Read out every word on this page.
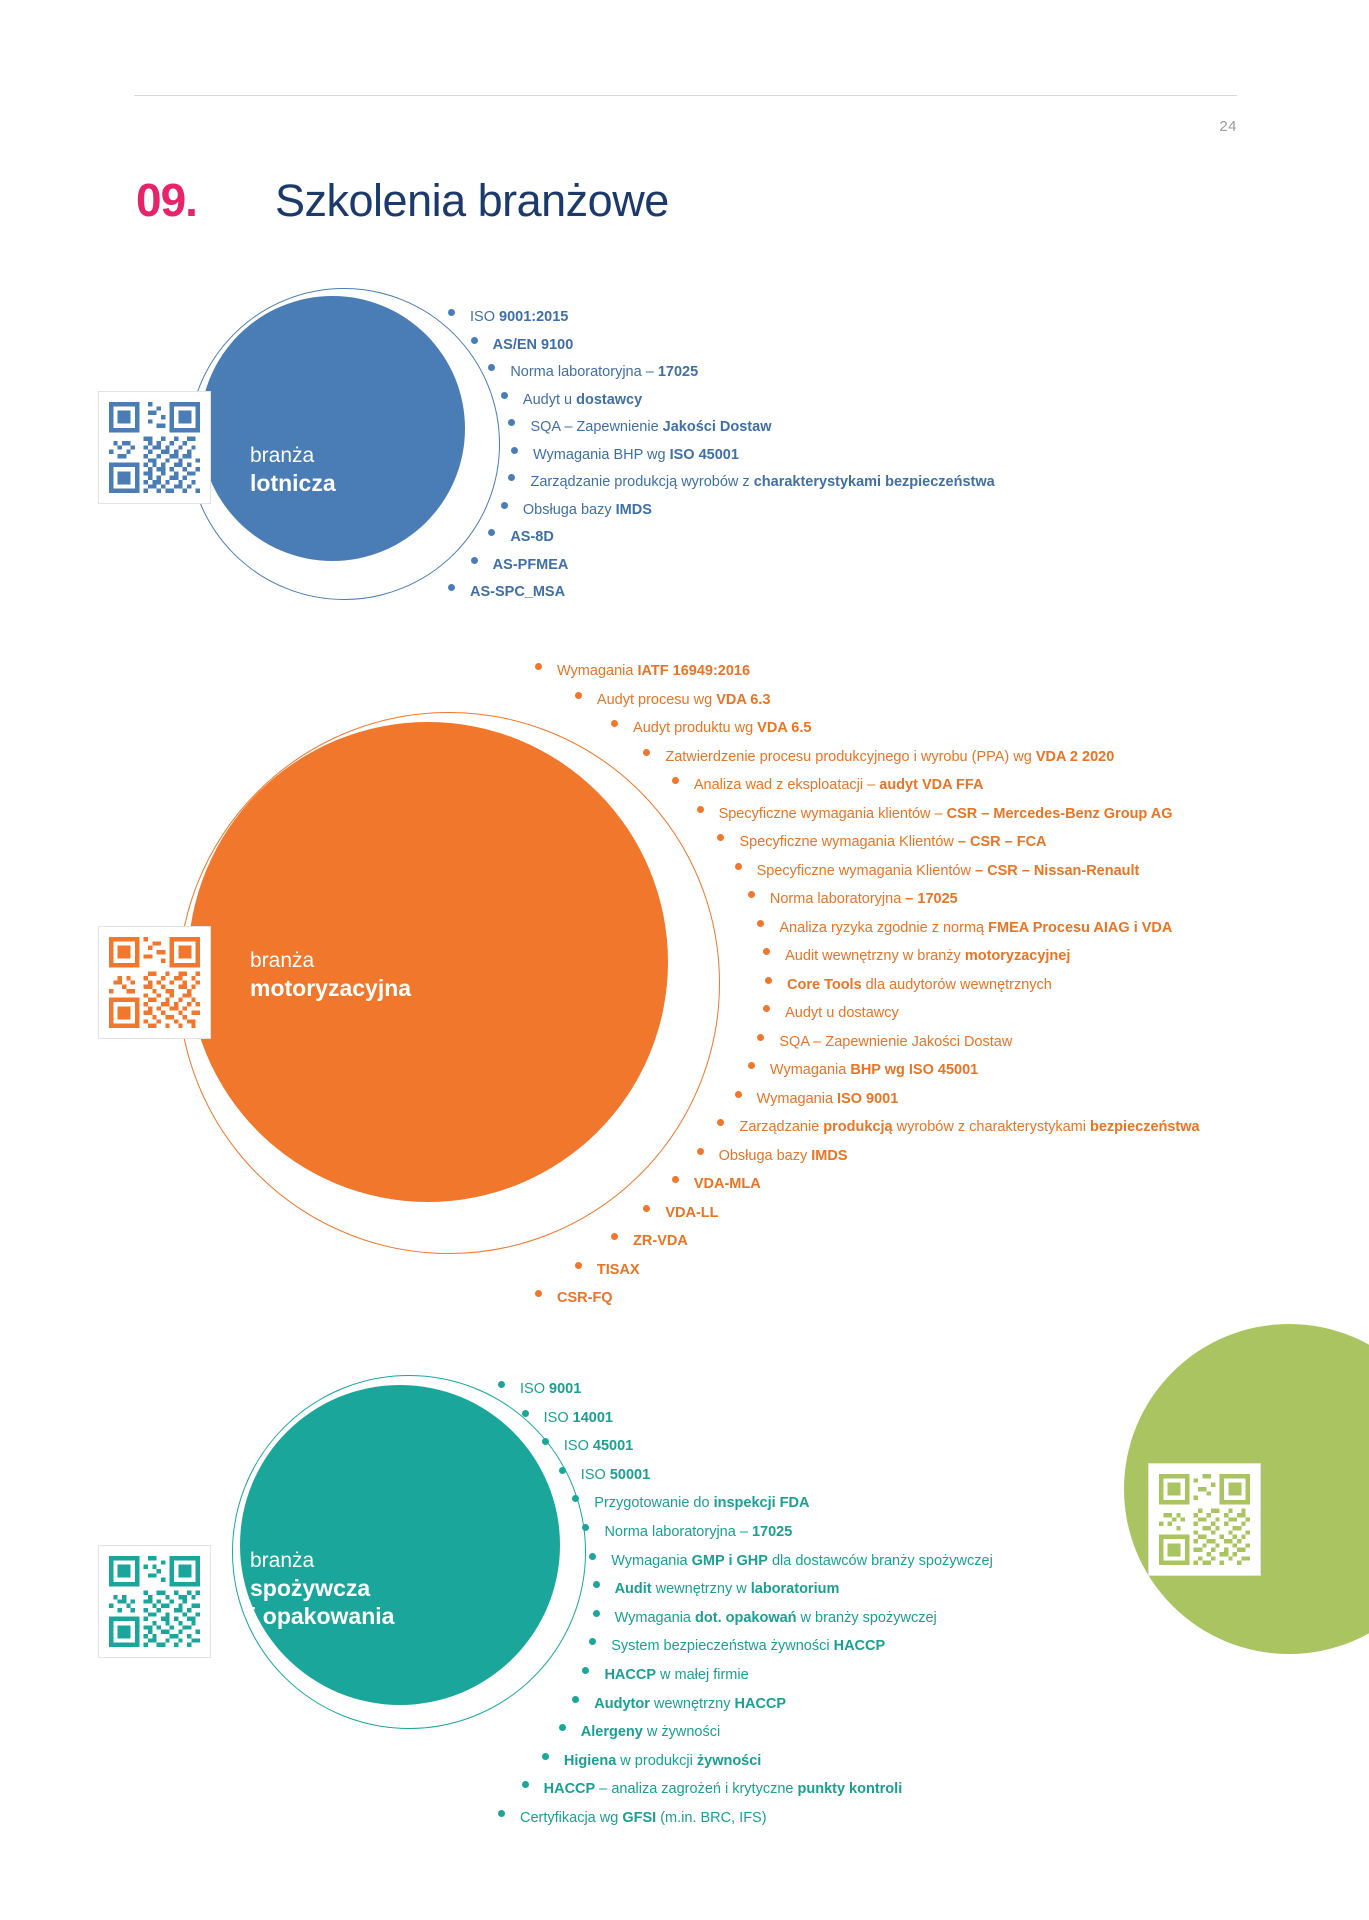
24
09. Szkolenia branżowe
branża
lotnicza
ISO 9001:2015
AS/EN 9100
Norma laboratoryjna – 17025
Audyt u dostawcy
SQA – Zapewnienie Jakości Dostaw
Wymagania BHP wg ISO 45001
Zarządzanie produkcją wyrobów z charakterystykami bezpieczeństwa
Obsługa bazy IMDS
AS-8D
AS-PFMEA
AS-SPC_MSA
branża
motoryzacyjna
Wymagania IATF 16949:2016
Audyt procesu wg VDA 6.3
Audyt produktu wg VDA 6.5
Zatwierdzenie procesu produkcyjnego i wyrobu (PPA) wg VDA 2 2020
Analiza wad z eksploatacji – audyt VDA FFA
Specyficzne wymagania klientów – CSR – Mercedes-Benz Group AG
Specyficzne wymagania Klientów – CSR – FCA
Specyficzne wymagania Klientów – CSR – Nissan-Renault
Norma laboratoryjna – 17025
Analiza ryzyka zgodnie z normą FMEA Procesu AIAG i VDA
Audit wewnętrzny w branży motoryzacyjnej
Core Tools dla audytorów wewnętrznych
Audyt u dostawcy
SQA – Zapewnienie Jakości Dostaw
Wymagania BHP wg ISO 45001
Wymagania ISO 9001
Zarządzanie produkcją wyrobów z charakterystykami bezpieczeństwa
Obsługa bazy IMDS
VDA-MLA
VDA-LL
ZR-VDA
TISAX
CSR-FQ
branża
spożywcza
i opakowania
ISO 9001
ISO 14001
ISO 45001
ISO 50001
Przygotowanie do inspekcji FDA
Norma laboratoryjna – 17025
Wymagania GMP i GHP dla dostawców branży spożywczej
Audit wewnętrzny w laboratorium
Wymagania dot. opakowań w branży spożywczej
System bezpieczeństwa żywności HACCP
HACCP w małej firmie
Audytor wewnętrzny HACCP
Alergeny w żywności
Higiena w produkcji żywności
HACCP – analiza zagrożeń i krytyczne punkty kontroli
Certyfikacja wg GFSI (m.in. BRC, IFS)
